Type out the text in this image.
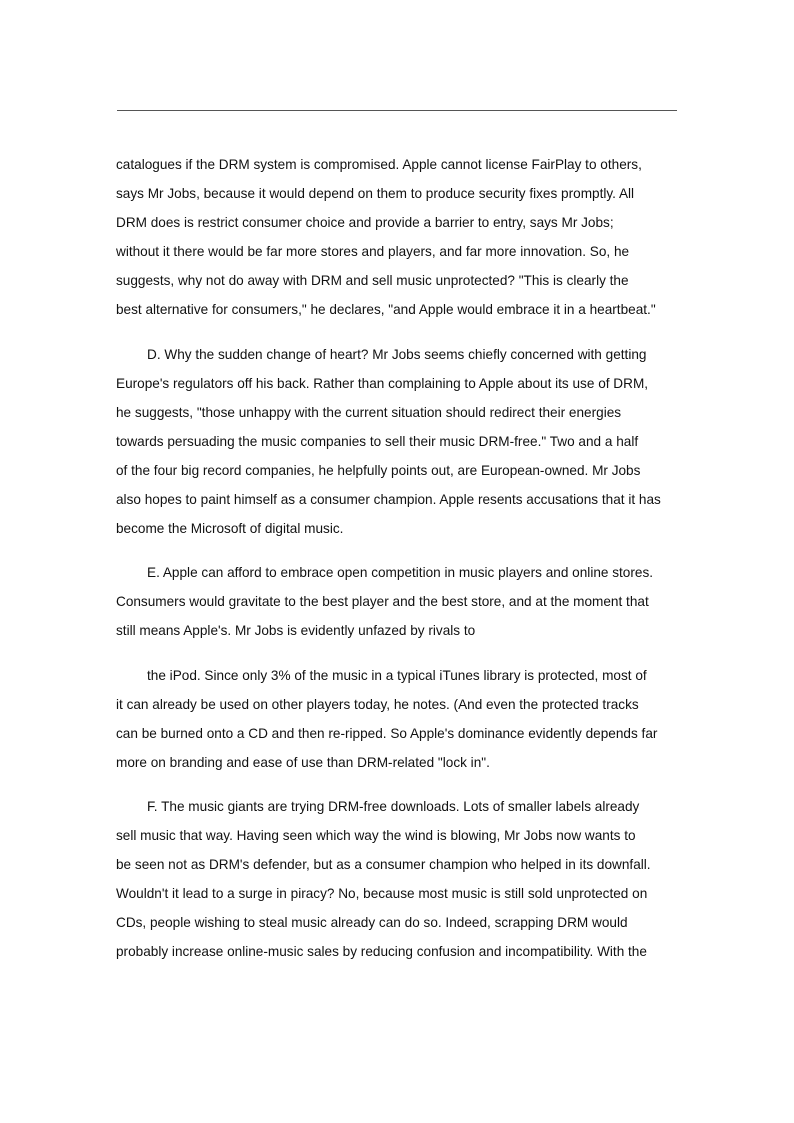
catalogues if the DRM system is compromised. Apple cannot license FairPlay to others,
says Mr Jobs, because it would depend on them to produce security fixes promptly. All
DRM does is restrict consumer choice and provide a barrier to entry, says Mr Jobs;
without it there would be far more stores and players, and far more innovation. So, he
suggests, why not do away with DRM and sell music unprotected? "This is clearly the
best alternative for consumers," he declares, "and Apple would embrace it in a heartbeat."
D. Why the sudden change of heart? Mr Jobs seems chiefly concerned with getting
Europe's regulators off his back. Rather than complaining to Apple about its use of DRM,
he suggests, "those unhappy with the current situation should redirect their energies
towards persuading the music companies to sell their music DRM-free." Two and a half
of the four big record companies, he helpfully points out, are European-owned. Mr Jobs
also hopes to paint himself as a consumer champion. Apple resents accusations that it has
become the Microsoft of digital music.
E. Apple can afford to embrace open competition in music players and online stores.
Consumers would gravitate to the best player and the best store, and at the moment that
still means Apple's. Mr Jobs is evidently unfazed by rivals to
the iPod. Since only 3% of the music in a typical iTunes library is protected, most of
it can already be used on other players today, he notes. (And even the protected tracks
can be burned onto a CD and then re-ripped. So Apple's dominance evidently depends far
more on branding and ease of use than DRM-related "lock in".
F. The music giants are trying DRM-free downloads. Lots of smaller labels already
sell music that way. Having seen which way the wind is blowing, Mr Jobs now wants to
be seen not as DRM's defender, but as a consumer champion who helped in its downfall.
Wouldn't it lead to a surge in piracy? No, because most music is still sold unprotected on
CDs, people wishing to steal music already can do so. Indeed, scrapping DRM would
probably increase online-music sales by reducing confusion and incompatibility. With the
